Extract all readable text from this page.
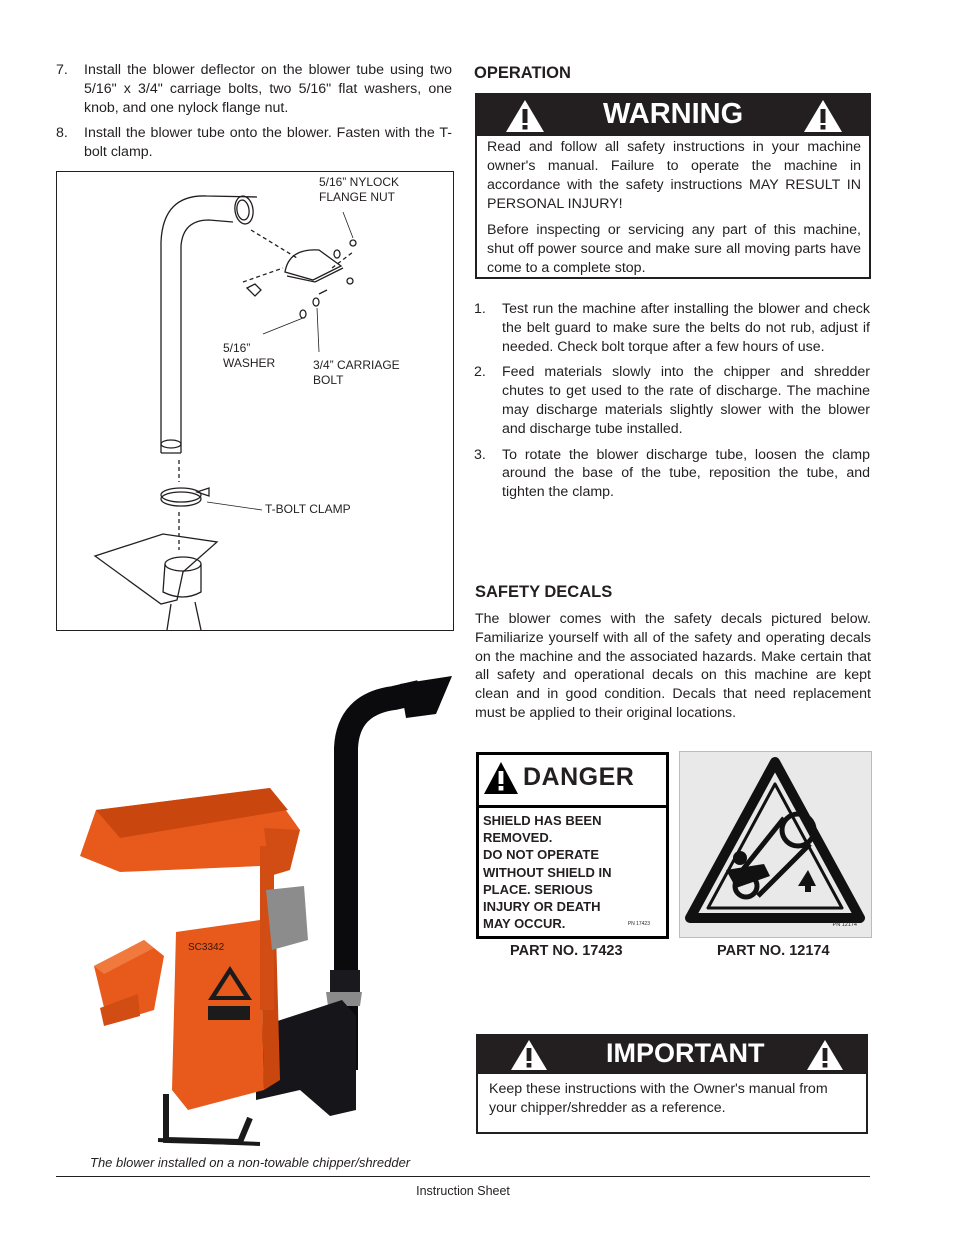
7. Install the blower deflector on the blower tube using two 5/16" x 3/4" carriage bolts, two 5/16" flat washers, one knob, and one nylock flange nut.
8. Install the blower tube onto the blower. Fasten with the T-bolt clamp.
5/16” NYLOCK
FLANGE NUT
5/16”
WASHER	3/4” CARRIAGE
BOLT
T-BOLT CLAMP
SC3342
The blower installed on a non-towable chipper/shredder
OPERATION
WARNING

Read and follow all safety instructions in your machine owner's manual. Failure to operate the machine in accordance with the safety instructions MAY RESULT IN PERSONAL INJURY!

Before inspecting or servicing any part of this machine, shut off power source and make sure all moving parts have come to a complete stop.

1. Test run the machine after installing the blower and check the belt guard to make sure the belts do not rub, adjust if needed. Check bolt torque after a few hours of use.
2. Feed materials slowly into the chipper and shredder chutes to get used to the rate of discharge. The machine may discharge materials slightly slower with the blower and discharge tube installed.
3. To rotate the blower discharge tube, loosen the clamp around the base of the tube, reposition the tube, and tighten the clamp.
SAFETY DECALS
The blower comes with the safety decals pictured below. Familiarize yourself with all of the safety and operating decals on the machine and the associated hazards. Make certain that all safety and operational decals on this machine are kept clean and in good condition. Decals that need replacement must be applied to their original locations.
DANGER
SHIELD HAS BEEN
REMOVED.
DO NOT OPERATE
WITHOUT SHIELD IN
PLACE. SERIOUS
INJURY OR DEATH
MAY OCCUR.	PN 17423	PN 12174
PART NO. 17423	PART NO. 12174
IMPORTANT
Keep these instructions with the Owner's manual from your chipper/shredder as a reference.
Instruction Sheet
